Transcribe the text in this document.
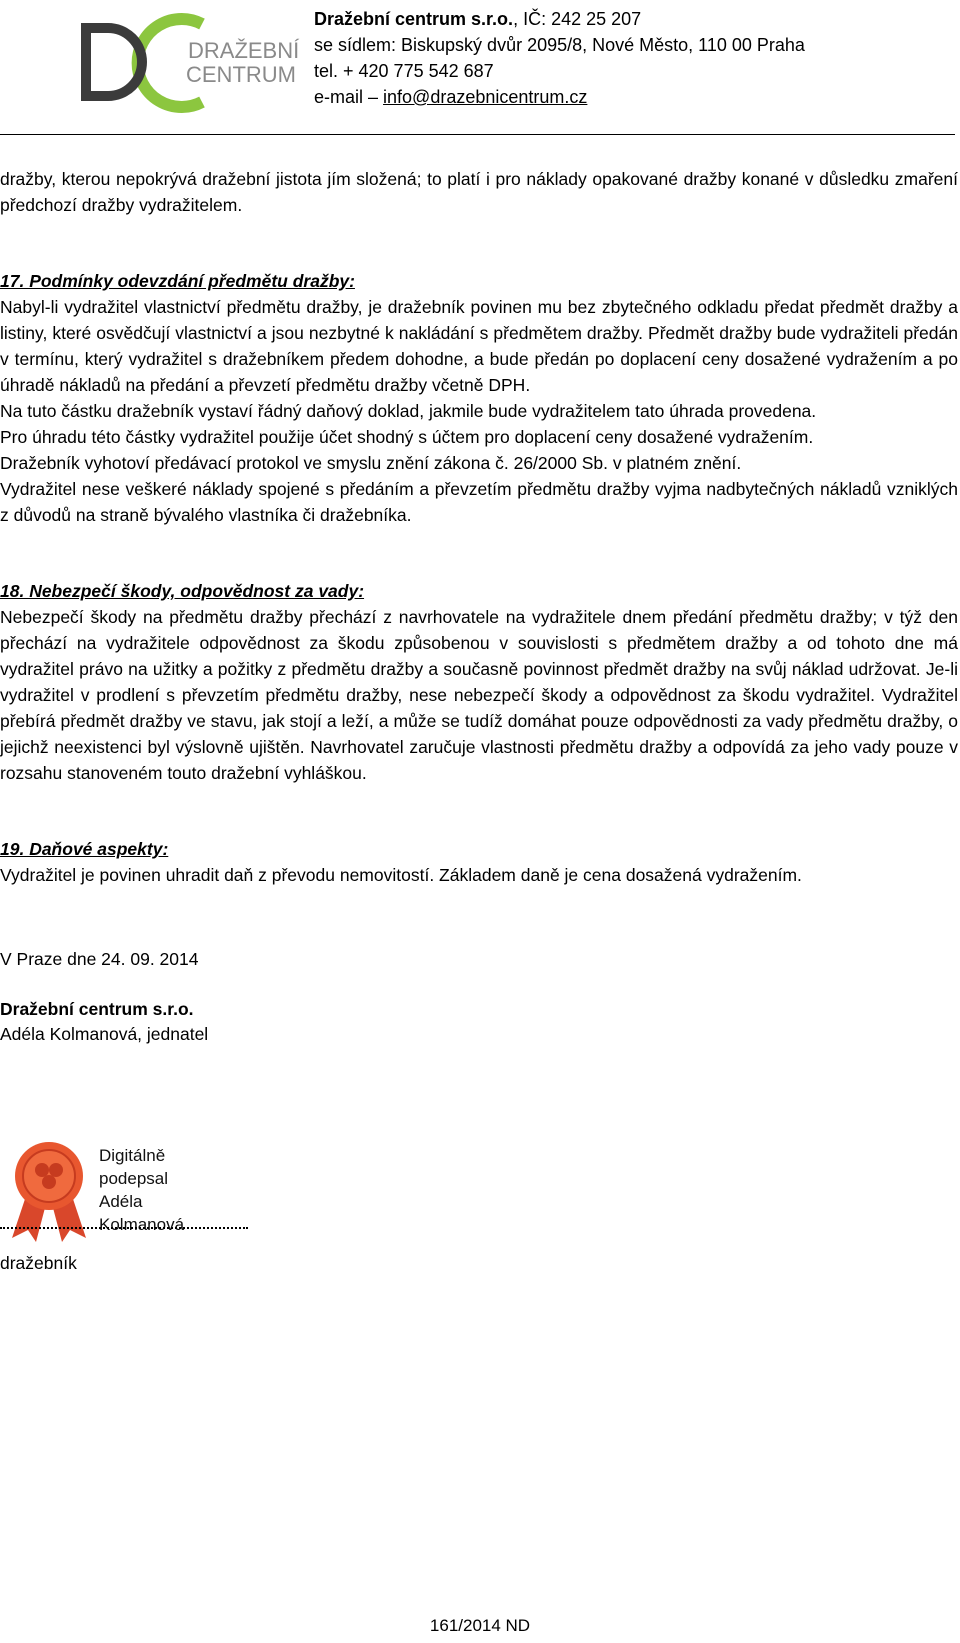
DRAŽEBNÍ
CENTRUM
Dražební centrum s.r.o., IČ: 242 25 207
se sídlem: Biskupský dvůr 2095/8, Nové Město, 110 00 Praha
tel. + 420 775 542 687
e-mail – info@drazebnicentrum.cz

dražby, kterou nepokrývá dražební jistota jím složená; to platí i pro náklady opakované dražby konané v důsledku zmaření předchozí dražby vydražitelem.

17. Podmínky odevzdání předmětu dražby:

Nabyl-li vydražitel vlastnictví předmětu dražby, je dražebník povinen mu bez zbytečného odkladu předat předmět dražby a listiny, které osvědčují vlastnictví a jsou nezbytné k nakládání s předmětem dražby. Předmět dražby bude vydražiteli předán v termínu, který vydražitel s dražebníkem předem dohodne, a bude předán po doplacení ceny dosažené vydražením a po úhradě nákladů na předání a převzetí předmětu dražby včetně DPH.

Na tuto částku dražebník vystaví řádný daňový doklad, jakmile bude vydražitelem tato úhrada provedena.

Pro úhradu této částky vydražitel použije účet shodný s účtem pro doplacení ceny dosažené vydražením.

Dražebník vyhotoví předávací protokol ve smyslu znění zákona č. 26/2000 Sb. v platném znění.

Vydražitel nese veškeré náklady spojené s předáním a převzetím předmětu dražby vyjma nadbytečných nákladů vzniklých z důvodů na straně bývalého vlastníka či dražebníka.

18. Nebezpečí škody, odpovědnost za vady:

Nebezpečí škody na předmětu dražby přechází z navrhovatele na vydražitele dnem předání předmětu dražby; v týž den přechází na vydražitele odpovědnost za škodu způsobenou v souvislosti s předmětem dražby a od tohoto dne má vydražitel právo na užitky a požitky z předmětu dražby a současně povinnost předmět dražby na svůj náklad udržovat. Je-li vydražitel v prodlení s převzetím předmětu dražby, nese nebezpečí škody a odpovědnost za škodu vydražitel. Vydražitel přebírá předmět dražby ve stavu, jak stojí a leží, a může se tudíž domáhat pouze odpovědnosti za vady předmětu dražby, o jejichž neexistenci byl výslovně ujištěn. Navrhovatel zaručuje vlastnosti předmětu dražby a odpovídá za jeho vady pouze v rozsahu stanoveném touto dražební vyhláškou.

19. Daňové aspekty:

Vydražitel je povinen uhradit daň z převodu nemovitostí. Základem daně je cena dosažená vydražením.

V Praze dne 24. 09. 2014
Dražební centrum s.r.o.
Adéla Kolmanová, jednatel
Digitálně
podepsal
Adéla
Kolmanová
dražebník
161/2014 ND
